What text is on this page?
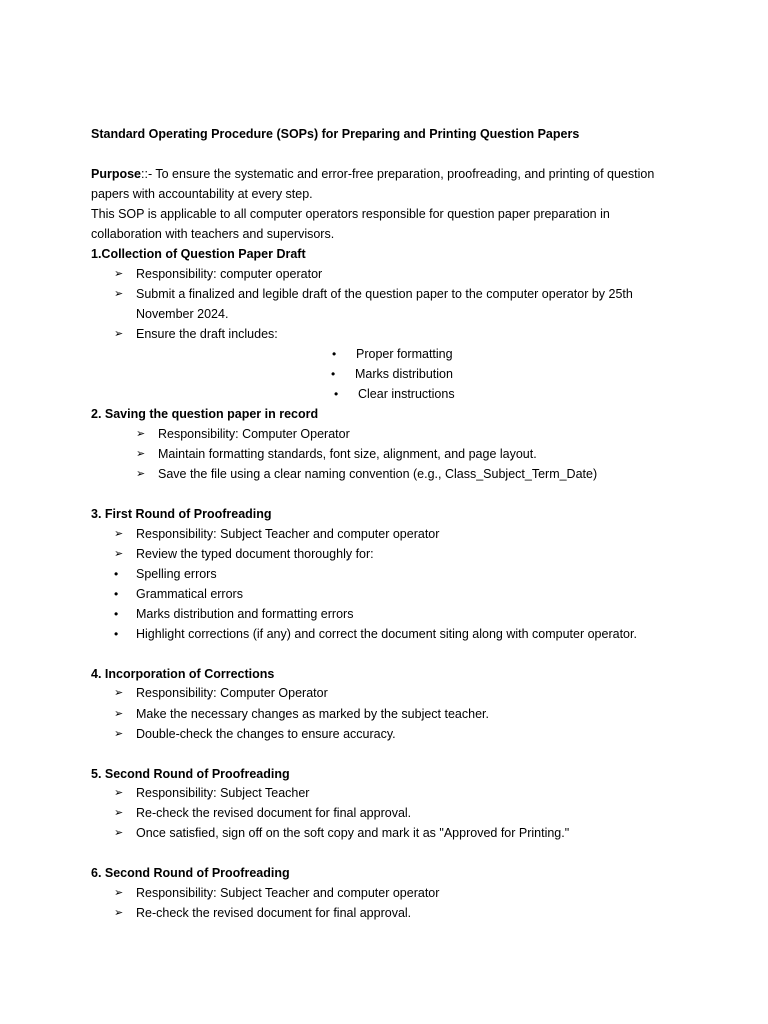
Standard Operating Procedure (SOPs) for Preparing and Printing Question Papers
Purpose::- To ensure the systematic and error-free preparation, proofreading, and printing of question
papers with accountability at every step.
This SOP is applicable to all computer operators responsible for question paper preparation in
collaboration with teachers and supervisors.
1.Collection of Question Paper Draft
➢ Responsibility: computer operator
➢ Submit a finalized and legible draft of the question paper to the computer operator by 25th
November 2024.
➢ Ensure the draft includes:
• Proper formatting
• Marks distribution
• Clear instructions
2. Saving the question paper in record
➢ Responsibility: Computer Operator
➢ Maintain formatting standards, font size, alignment, and page layout.
➢ Save the file using a clear naming convention (e.g., Class_Subject_Term_Date)
3. First Round of Proofreading
➢ Responsibility: Subject Teacher and computer operator
➢ Review the typed document thoroughly for:
• Spelling errors
• Grammatical errors
• Marks distribution and formatting errors
• Highlight corrections (if any) and correct the document siting along with computer operator.
4. Incorporation of Corrections
➢ Responsibility: Computer Operator
➢ Make the necessary changes as marked by the subject teacher.
➢ Double-check the changes to ensure accuracy.
5. Second Round of Proofreading
➢ Responsibility: Subject Teacher
➢ Re-check the revised document for final approval.
➢ Once satisfied, sign off on the soft copy and mark it as "Approved for Printing."
6. Second Round of Proofreading
➢ Responsibility: Subject Teacher and computer operator
➢ Re-check the revised document for final approval.
